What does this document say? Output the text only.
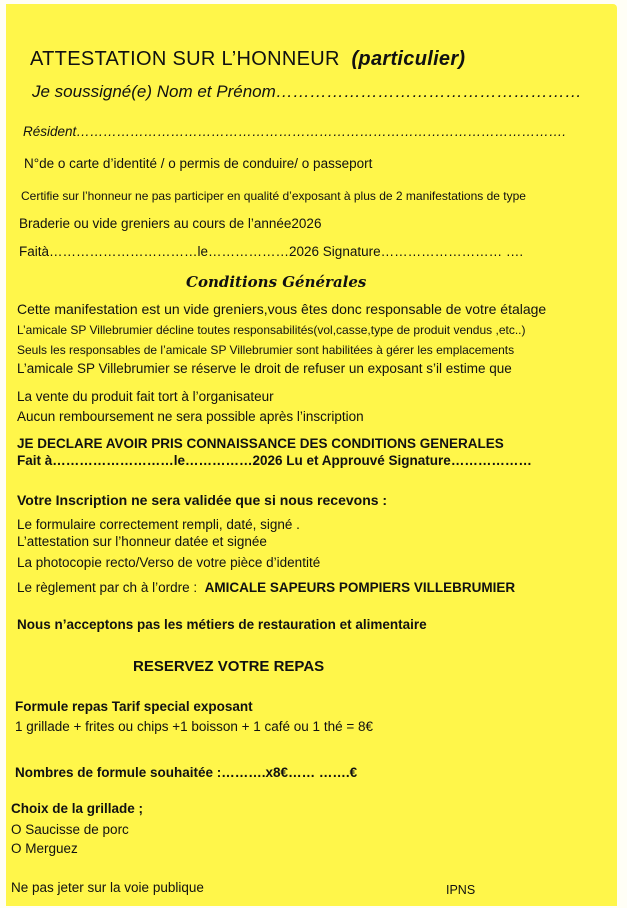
ATTESTATION SUR L’HONNEUR (particulier)
Je soussigné(e) Nom et Prénom………………………………………………
Résident……………………………………………………………………………………………….
N°de o carte d’identité / o permis de conduire/ o passeport
Certifie sur l’honneur ne pas participer en qualité d’exposant à plus de 2 manifestations de type
Braderie ou vide greniers au cours de l’année2026
Faità……………………………le………………2026 Signature……………………… ….
Conditions Générales
Cette manifestation est un vide greniers,vous êtes donc responsable de votre étalage
L’amicale SP Villebrumier décline toutes responsabilités(vol,casse,type de produit vendus ,etc..)
Seuls les responsables de l’amicale SP Villebrumier sont habilitées à gérer les emplacements
L’amicale SP Villebrumier se réserve le droit de refuser un exposant s’il estime que
La vente du produit fait tort à l’organisateur
Aucun remboursement ne sera possible après l’inscription
JE DECLARE AVOIR PRIS CONNAISSANCE DES CONDITIONS GENERALES
Fait à………………………le……………2026 Lu et Approuvé Signature………………
Votre Inscription ne sera validée que si nous recevons :
Le formulaire correctement rempli, daté, signé .
L’attestation sur l’honneur datée et signée
La photocopie recto/Verso de votre pièce d’identité
Le règlement par ch à l’ordre : AMICALE SAPEURS POMPIERS VILLEBRUMIER
Nous n’acceptons pas les métiers de restauration et alimentaire
RESERVEZ VOTRE REPAS
Formule repas Tarif special exposant
1 grillade + frites ou chips +1 boisson + 1 café ou 1 thé = 8€
Nombres de formule souhaitée :……….x8€…… …….€
Choix de la grillade ;
O Saucisse de porc
O Merguez
Ne pas jeter sur la voie publique	IPNS
